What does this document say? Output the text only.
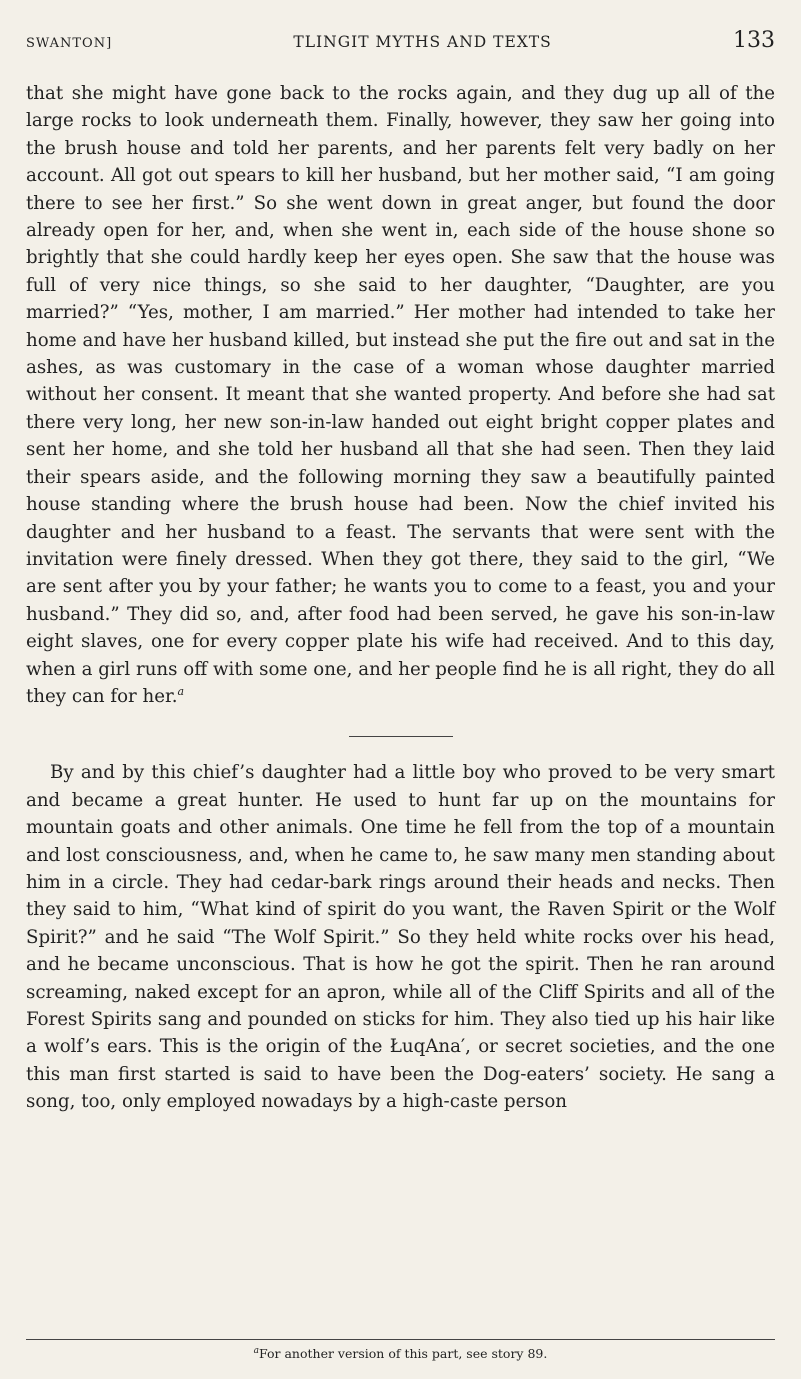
SWANTON]	TLINGIT MYTHS AND TEXTS	133

that she might have gone back to the rocks again, and they dug up all of the large rocks to look underneath them. Finally, however, they saw her going into the brush house and told her parents, and her parents felt very badly on her account. All got out spears to kill her husband, but her mother said, “I am going there to see her first.” So she went down in great anger, but found the door already open for her, and, when she went in, each side of the house shone so brightly that she could hardly keep her eyes open. She saw that the house was full of very nice things, so she said to her daughter, “Daughter, are you married?” “Yes, mother, I am married.” Her mother had intended to take her home and have her husband killed, but instead she put the fire out and sat in the ashes, as was customary in the case of a woman whose daughter married without her consent. It meant that she wanted property. And before she had sat there very long, her new son-in-law handed out eight bright copper plates and sent her home, and she told her husband all that she had seen. Then they laid their spears aside, and the following morning they saw a beautifully painted house standing where the brush house had been. Now the chief invited his daughter and her husband to a feast. The servants that were sent with the invitation were finely dressed. When they got there, they said to the girl, “We are sent after you by your father; he wants you to come to a feast, you and your husband.” They did so, and, after food had been served, he gave his son-in-law eight slaves, one for every copper plate his wife had received. And to this day, when a girl runs off with some one, and her people find he is all right, they do all they can for her.$^a$

By and by this chief’s daughter had a little boy who proved to be very smart and became a great hunter. He used to hunt far up on the mountains for mountain goats and other animals. One time he fell from the top of a mountain and lost consciousness, and, when he came to, he saw many men standing about him in a circle. They had cedar-bark rings around their heads and necks. Then they said to him, “What kind of spirit do you want, the Raven Spirit or the Wolf Spirit?” and he said “The Wolf Spirit.” So they held white rocks over his head, and he became unconscious. That is how he got the spirit. Then he ran around screaming, naked except for an apron, while all of the Cliff Spirits and all of the Forest Spirits sang and pounded on sticks for him. They also tied up his hair like a wolf’s ears. This is the origin of the ŁuqAna′, or secret societies, and the one this man first started is said to have been the Dog-eaters’ society. He sang a song, too, only employed nowadays by a high-caste person

$^a$For another version of this part, see story 89.
